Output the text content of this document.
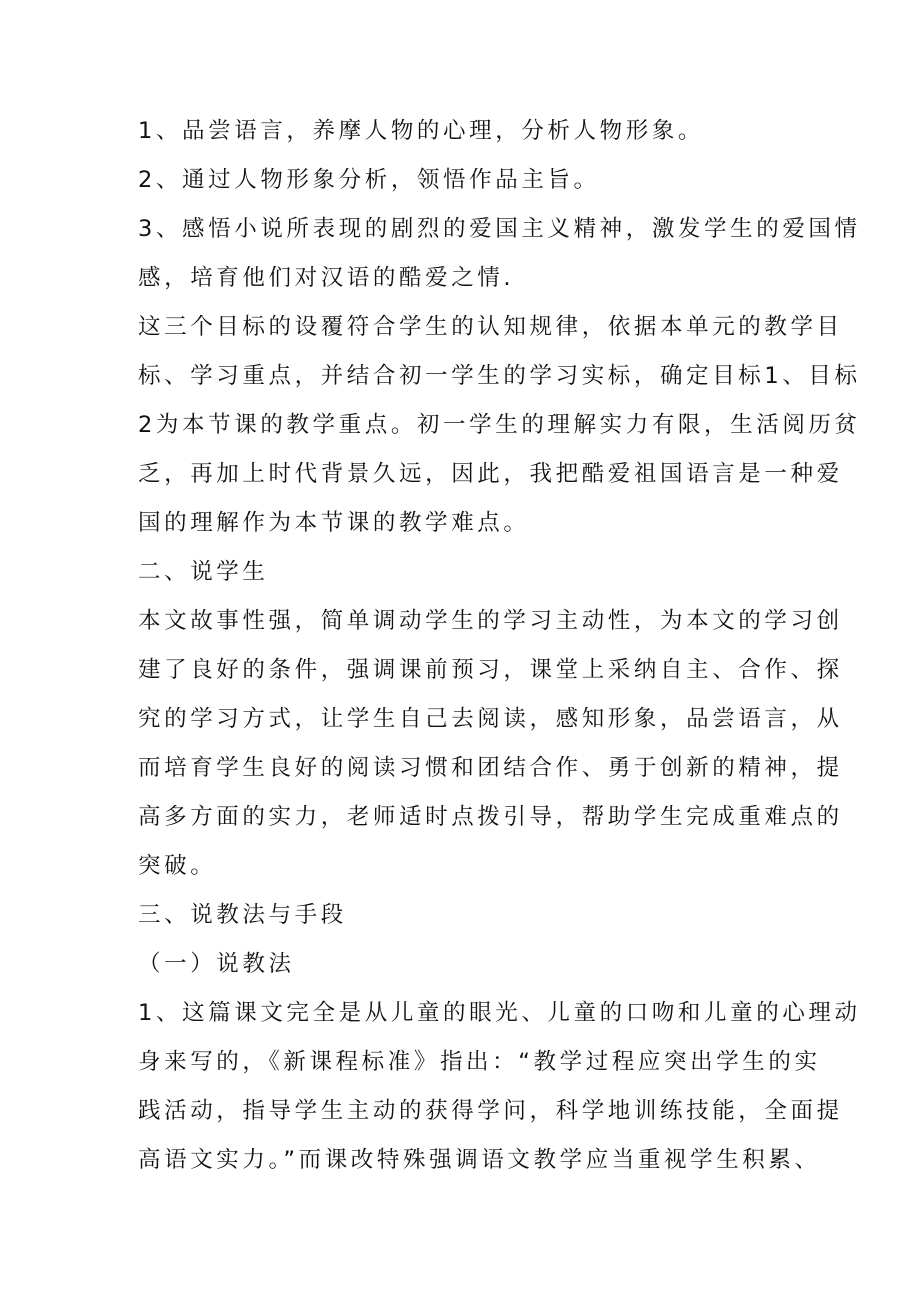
1、品尝语言，养摩人物的心理，分析人物形象。
2、通过人物形象分析，领悟作品主旨。
3、感悟小说所表现的剧烈的爱国主义精神，激发学生的爱国情
感，培育他们对汉语的酷爱之情.
这三个目标的设覆符合学生的认知规律，依据本单元的教学目
标、学习重点，并结合初一学生的学习实标，确定目标1、目标
2为本节课的教学重点。初一学生的理解实力有限，生活阅历贫
乏，再加上时代背景久远，因此，我把酷爱祖国语言是一种爱
国的理解作为本节课的教学难点。
二、说学生
本文故事性强，简单调动学生的学习主动性，为本文的学习创
建了良好的条件，强调课前预习，课堂上采纳自主、合作、探
究的学习方式，让学生自己去阅读，感知形象，品尝语言，从
而培育学生良好的阅读习惯和团结合作、勇于创新的精神，提
高多方面的实力，老师适时点拨引导，帮助学生完成重难点的
突破。
三、说教法与手段
（一）说教法
1、这篇课文完全是从儿童的眼光、儿童的口吻和儿童的心理动
身来写的，《新课程标准》指出：“教学过程应突出学生的实
践活动，指导学生主动的获得学问，科学地训练技能，全面提
高语文实力。”而课改特殊强调语文教学应当重视学生积累、
